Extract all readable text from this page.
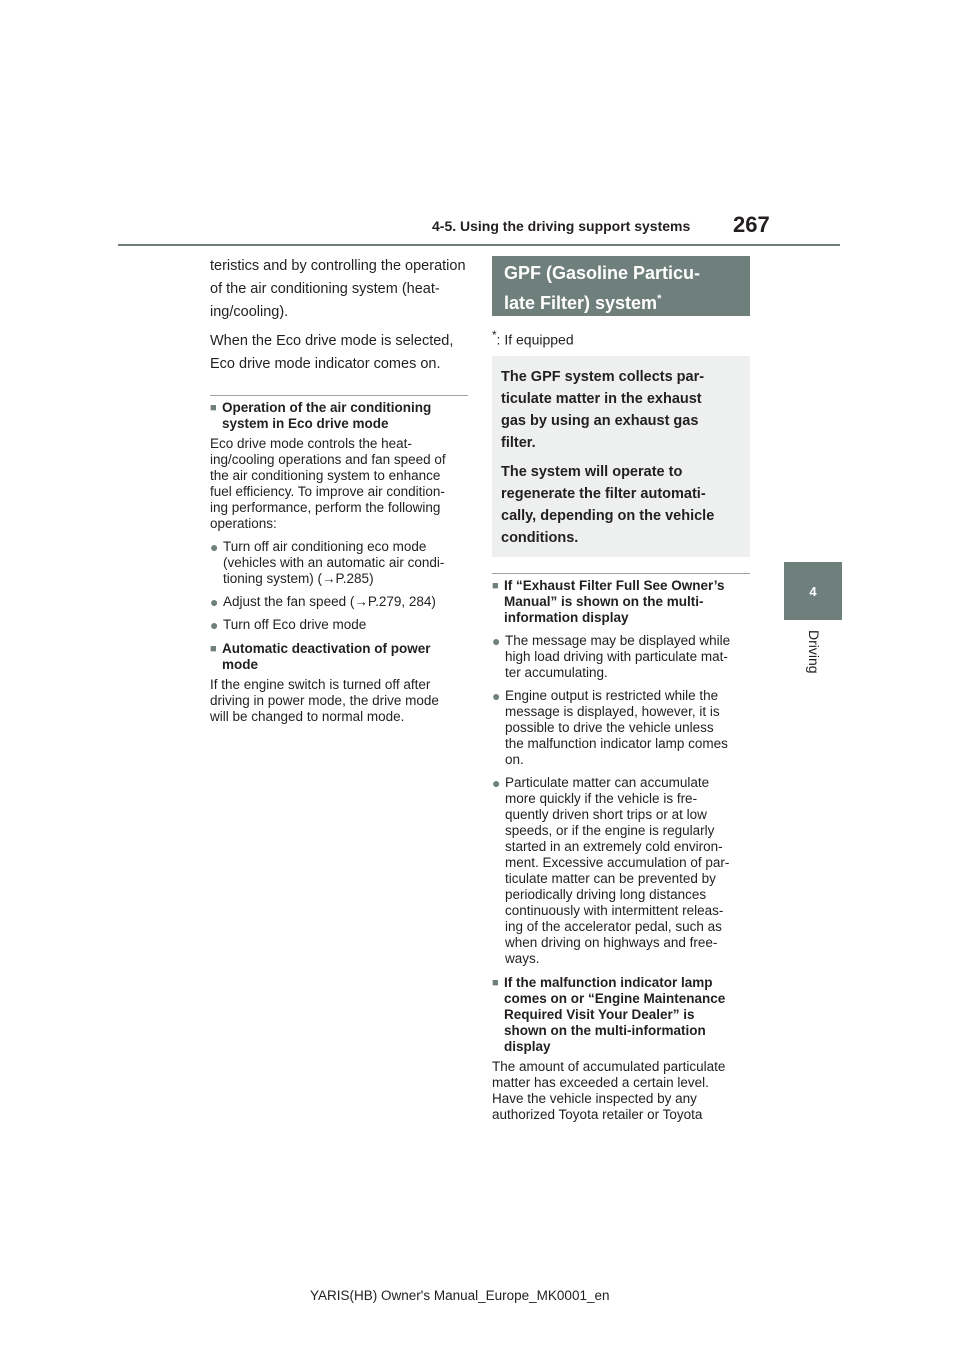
4-5. Using the driving support systems 267
4
Driving
teristics and by controlling the operation
of the air conditioning system (heat-
ing/cooling).
When the Eco drive mode is selected,
Eco drive mode indicator comes on.
■ Operation of the air conditioning
system in Eco drive mode
Eco drive mode controls the heat-
ing/cooling operations and fan speed of
the air conditioning system to enhance
fuel efficiency. To improve air condition-
ing performance, perform the following
operations:
● Turn off air conditioning eco mode
(vehicles with an automatic air condi-
tioning system) (→P.285)
● Adjust the fan speed (→P.279, 284)
● Turn off Eco drive mode
■ Automatic deactivation of power
mode
If the engine switch is turned off after
driving in power mode, the drive mode
will be changed to normal mode.
GPF (Gasoline Particu-
late Filter) system*
*: If equipped

The GPF system collects par-
ticulate matter in the exhaust
gas by using an exhaust gas
filter.

The system will operate to
regenerate the filter automati-
cally, depending on the vehicle
conditions.

■ If “Exhaust Filter Full See Owner’s
Manual” is shown on the multi-
information display
● The message may be displayed while
high load driving with particulate mat-
ter accumulating.
● Engine output is restricted while the
message is displayed, however, it is
possible to drive the vehicle unless
the malfunction indicator lamp comes
on.
● Particulate matter can accumulate
more quickly if the vehicle is fre-
quently driven short trips or at low
speeds, or if the engine is regularly
started in an extremely cold environ-
ment. Excessive accumulation of par-
ticulate matter can be prevented by
periodically driving long distances
continuously with intermittent releas-
ing of the accelerator pedal, such as
when driving on highways and free-
ways.
■ If the malfunction indicator lamp
comes on or “Engine Maintenance
Required Visit Your Dealer” is
shown on the multi-information
display
The amount of accumulated particulate
matter has exceeded a certain level.
Have the vehicle inspected by any
authorized Toyota retailer or Toyota
YARIS(HB) Owner's Manual_Europe_MK0001_en
